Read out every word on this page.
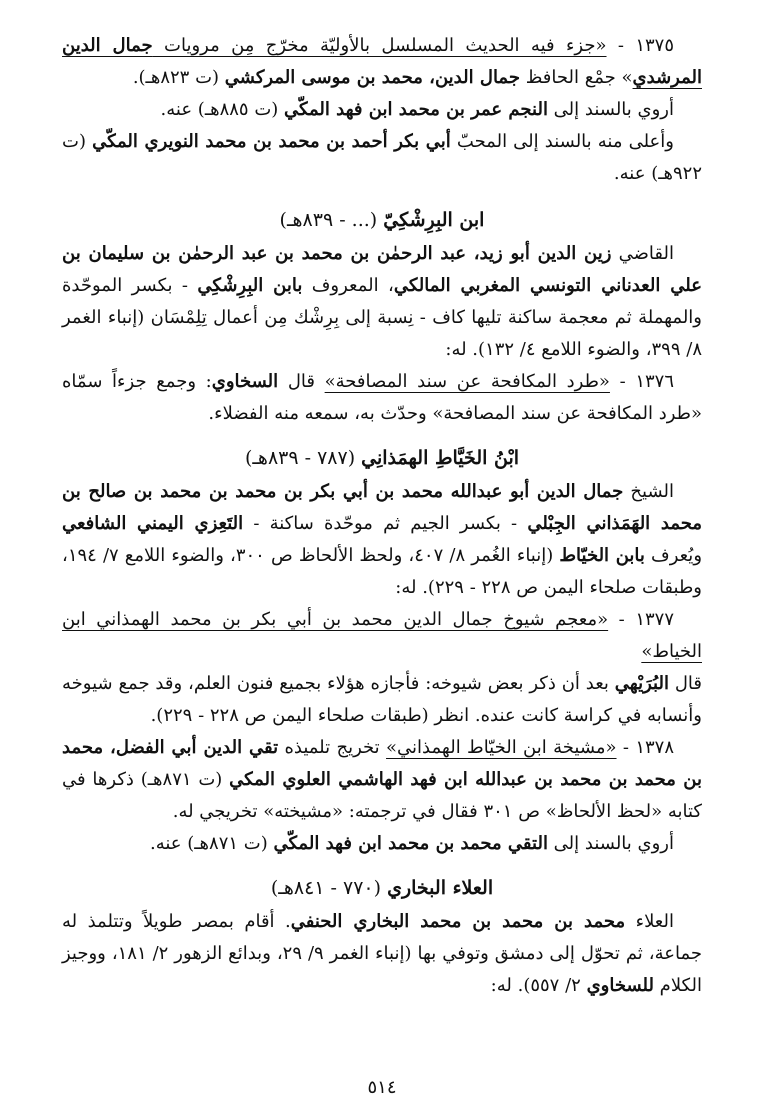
١٣٧٥ - «جزء فيه الحديث المسلسل بالأوليّة مخرّج مِن مرويات جمال الدين المرشدي» جمْع الحافظ جمال الدين، محمد بن موسى المركشي (ت ٨٢٣هـ).

أروي بالسند إلى النجم عمر بن محمد ابن فهد المكّي (ت ٨٨٥هـ) عنه.

وأعلى منه بالسند إلى المحبّ أبي بكر أحمد بن محمد بن محمد النويري المكّي (ت ٩٢٢هـ) عنه.

ابن البِرِشْكِيّ (... - ٨٣٩هـ)

القاضي زين الدين أبو زيد، عبد الرحمٰن بن محمد بن عبد الرحمٰن بن سليمان بن علي العدناني التونسي المغربي المالكي، المعروف بابن البِرِشْكِي - بكسر الموحّدة والمهملة ثم معجمة ساكنة تليها كاف - نِسبة إلى بِرِشْك مِن أعمال تِلِمْسَان (إنباء الغمر ٨/ ٣٩٩، والضوء اللامع ٤/ ١٣٢). له:

١٣٧٦ - «طرد المكافحة عن سند المصافحة» قال السخاوي: وجمع جزءاً سمّاه «طرد المكافحة عن سند المصافحة» وحدّث به، سمعه منه الفضلاء.

ابْنُ الخَيَّاطِ الهمَذانِي (٧٨٧ - ٨٣٩هـ)

الشيخ جمال الدين أبو عبدالله محمد بن أبي بكر بن محمد بن محمد بن صالح بن محمد الهَمَذاني الجِبْلي - بكسر الجيم ثم موحّدة ساكنة - التَعِزي اليمني الشافعي ويُعرف بابن الخيّاط (إنباء الغُمر ٨/ ٤٠٧، ولحظ الألحاظ ص ٣٠٠، والضوء اللامع ٧/ ١٩٤، وطبقات صلحاء اليمن ص ٢٢٨ - ٢٢٩). له:

١٣٧٧ - «معجم شيوخ جمال الدين محمد بن أبي بكر بن محمد الهمذاني ابن الخياط»

قال البُرَيْهي بعد أن ذكر بعض شيوخه: فأجازه هؤلاء بجميع فنون العلم، وقد جمع شيوخه وأنسابه في كراسة كانت عنده. انظر (طبقات صلحاء اليمن ص ٢٢٨ - ٢٢٩).

١٣٧٨ - «مشيخة ابن الخيّاط الهمذاني» تخريج تلميذه تقي الدين أبي الفضل، محمد بن محمد بن محمد بن عبدالله ابن فهد الهاشمي العلوي المكي (ت ٨٧١هـ) ذكرها في كتابه «لحظ الألحاظ» ص ٣٠١ فقال في ترجمته: «مشيخته» تخريجي له.

أروي بالسند إلى التقي محمد بن محمد ابن فهد المكّي (ت ٨٧١هـ) عنه.

العلاء البخاري (٧٧٠ - ٨٤١هـ)

العلاء محمد بن محمد بن محمد البخاري الحنفي. أقام بمصر طويلاً وتتلمذ له جماعة، ثم تحوّل إلى دمشق وتوفي بها (إنباء الغمر ٩/ ٢٩، وبدائع الزهور ٢/ ١٨١، ووجيز الكلام للسخاوي ٢/ ٥٥٧). له:

٥١٤
